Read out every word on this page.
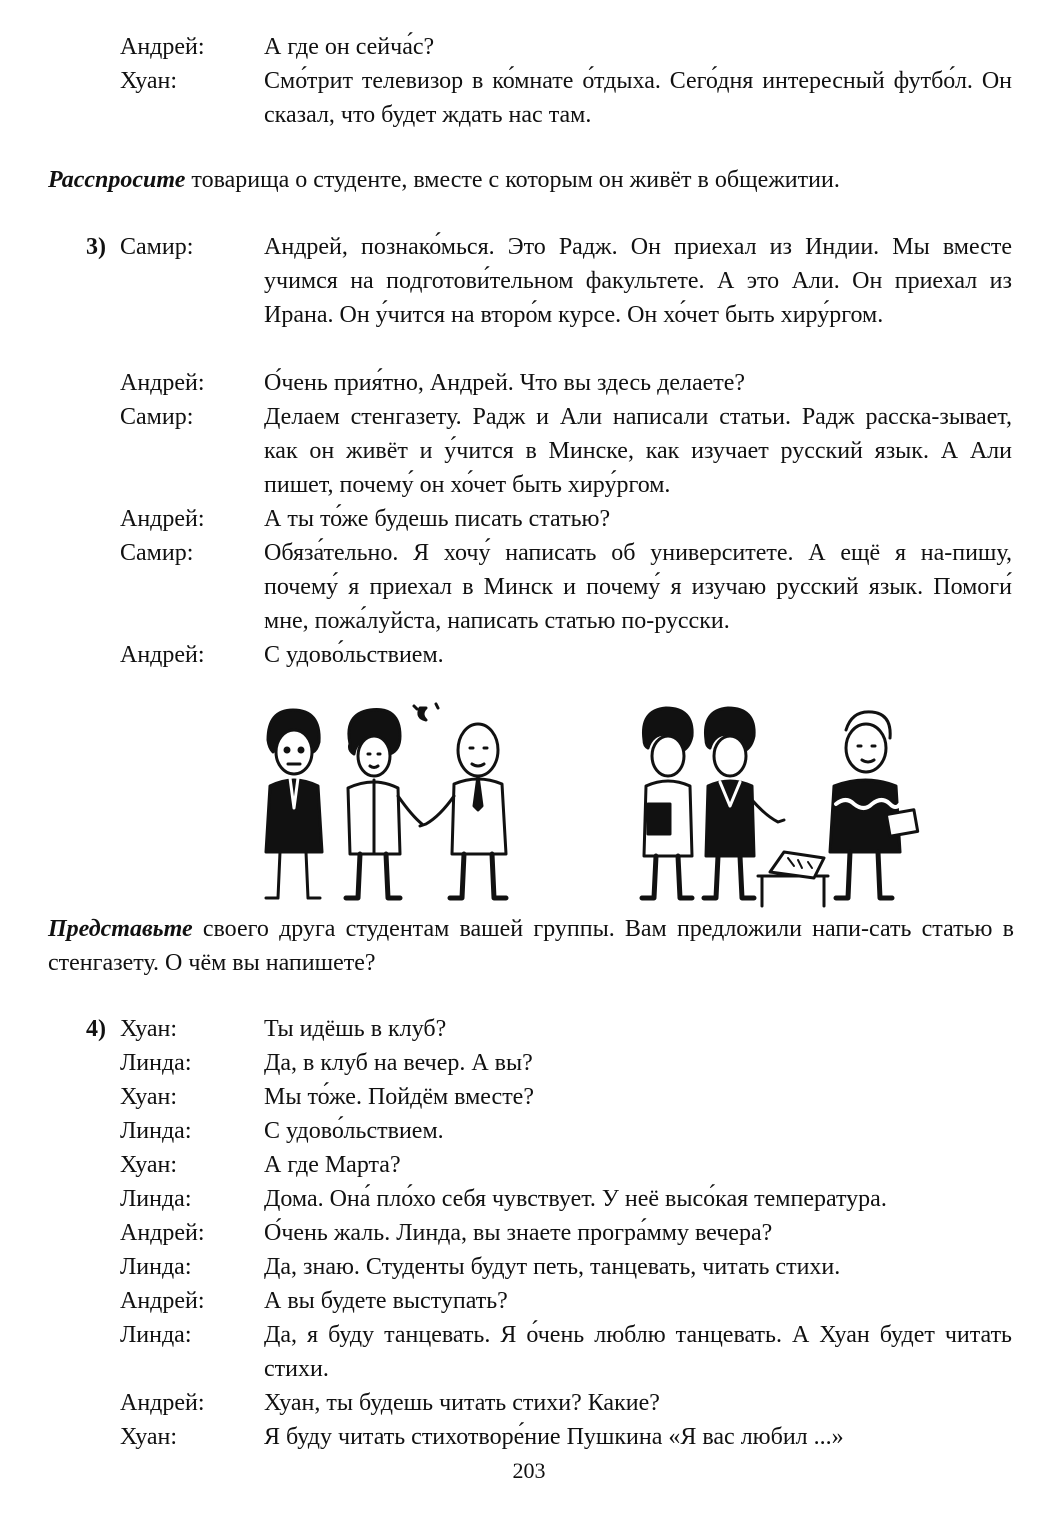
Андрей: А где он сейча́с?
Хуан:	Смо́трит телевизор в ко́мнате о́тдыха. Сего́дня интересный футбо́л. Он сказал, что будет ждать нас там.
Расспросите товарища о студенте, вместе с которым он живёт в общежитии.
3) Самир:	Андрей, познако́мься. Это Радж. Он приехал из Индии. Мы вместе учимся на подготови́тельном факультете. А это Али. Он приехал из Ирана. Он у́чится на второ́м курсе. Он хо́чет быть хиру́ргом.
Андрей: О́чень прия́тно, Андрей. Что вы здесь делаете?
Самир:	Делаем стенгазету. Радж и Али написали статьи. Радж расска-зывает, как он живёт и у́чится в Минске, как изучает русский язык. А Али пишет, почему́ он хо́чет быть хиру́ргом.
Андрей: А ты то́же будешь писать статью?
Самир:	Обяза́тельно. Я хочу́ написать об университете. А ещё я на-пишу, почему́ я приехал в Минск и почему́ я изучаю русский язык. Помоги́ мне, пожа́луйста, написать статью по-русски.
Андрей: С удово́льствием.
Представьте своего друга студентам вашей группы. Вам предложили напи-сать статью в стенгазету. О чём вы напишете?
4) Хуан:	Ты идёшь в клуб?
Линда:	Да, в клуб на вечер. А вы?
Хуан:	Мы то́же. Пойдём вместе?
Линда:	С удово́льствием.
Хуан:	А где Марта?
Линда:	Дома. Она́ пло́хо себя чувствует. У неё высо́кая температура.
Андрей: О́чень жаль. Линда, вы знаете програ́мму вечера?
Линда:	Да, знаю. Студенты будут петь, танцевать, читать стихи.
Андрей: А вы будете выступать?
Линда:	Да, я буду танцевать. Я о́чень люблю танцевать. А Хуан будет читать стихи.
Андрей: Хуан, ты будешь читать стихи? Какие?
Хуан:	Я буду читать стихотворе́ние Пушкина «Я вас любил ...»
203
